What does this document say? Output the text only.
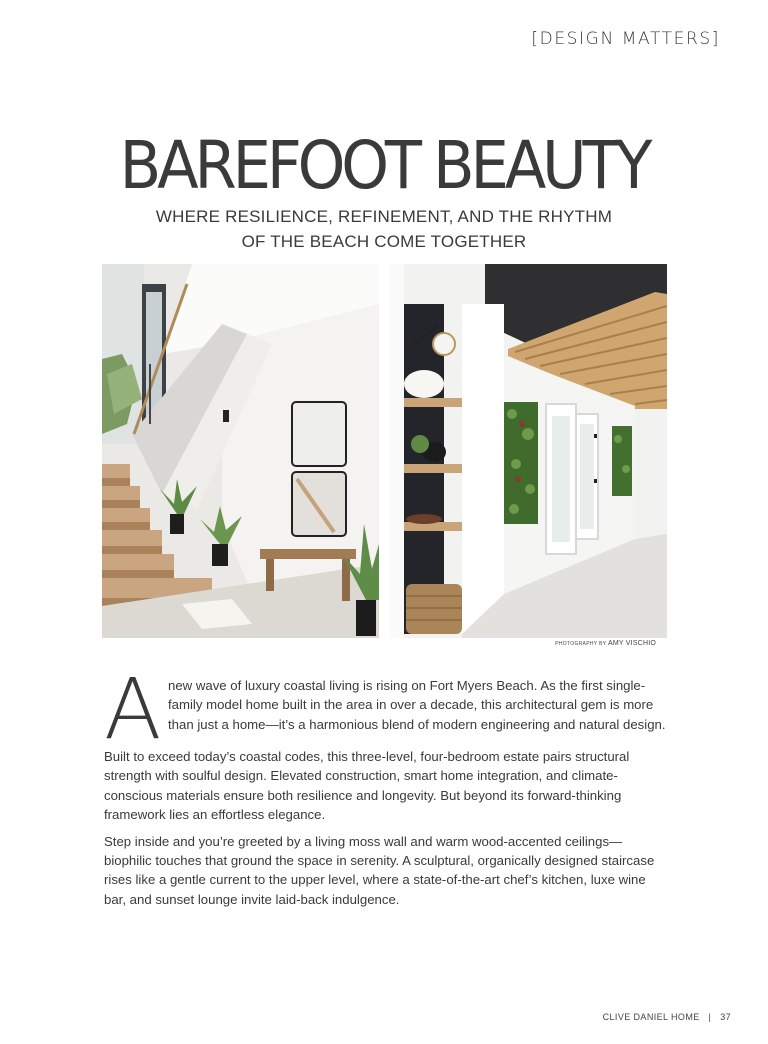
[DESIGN MATTERS]
BAREFOOT BEAUTY
WHERE RESILIENCE, REFINEMENT, AND THE RHYTHM
OF THE BEACH COME TOGETHER
PHOTOGRAPHY BY AMY VISCHIO

Anew wave of luxury coastal living is rising on Fort Myers Beach. As the first single-family model home built in the area in over a decade, this architectural gem is more than just a home—it’s a harmonious blend of modern engineering and natural design.

Built to exceed today’s coastal codes, this three-level, four-bedroom estate pairs structural strength with soulful design. Elevated construction, smart home integration, and climate-conscious materials ensure both resilience and longevity. But beyond its forward-thinking framework lies an effortless elegance.

Step inside and you’re greeted by a living moss wall and warm wood-accented ceilings—biophilic touches that ground the space in serenity. A sculptural, organically designed staircase rises like a gentle current to the upper level, where a state-of-the-art chef’s kitchen, luxe wine bar, and sunset lounge invite laid-back indulgence.

CLIVE DANIEL HOME | 37
